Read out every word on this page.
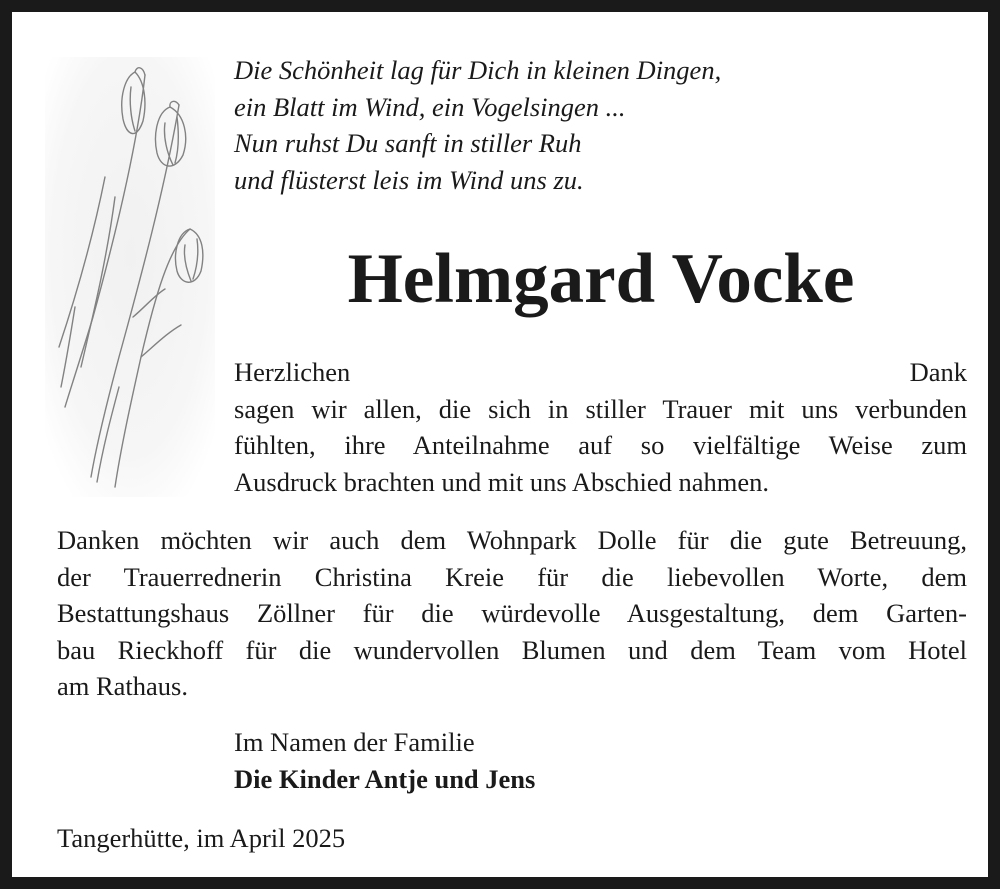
Die Schönheit lag für Dich in kleinen Dingen,
ein Blatt im Wind, ein Vogelsingen ...
Nun ruhst Du sanft in stiller Ruh
und flüsterst leis im Wind uns zu.
Helmgard Vocke
Herzlichen Dank
sagen wir allen, die sich in stiller Trauer mit uns verbunden
fühlten, ihre Anteilnahme auf so vielfältige Weise zum
Ausdruck brachten und mit uns Abschied nahmen.
Danken möchten wir auch dem Wohnpark Dolle für die gute Betreuung,
der Trauerrednerin Christina Kreie für die liebevollen Worte, dem
Bestattungshaus Zöllner für die würdevolle Ausgestaltung, dem Garten-
bau Rieckhoff für die wundervollen Blumen und dem Team vom Hotel
am Rathaus.
Im Namen der Familie
Die Kinder Antje und Jens
Tangerhütte, im April 2025
